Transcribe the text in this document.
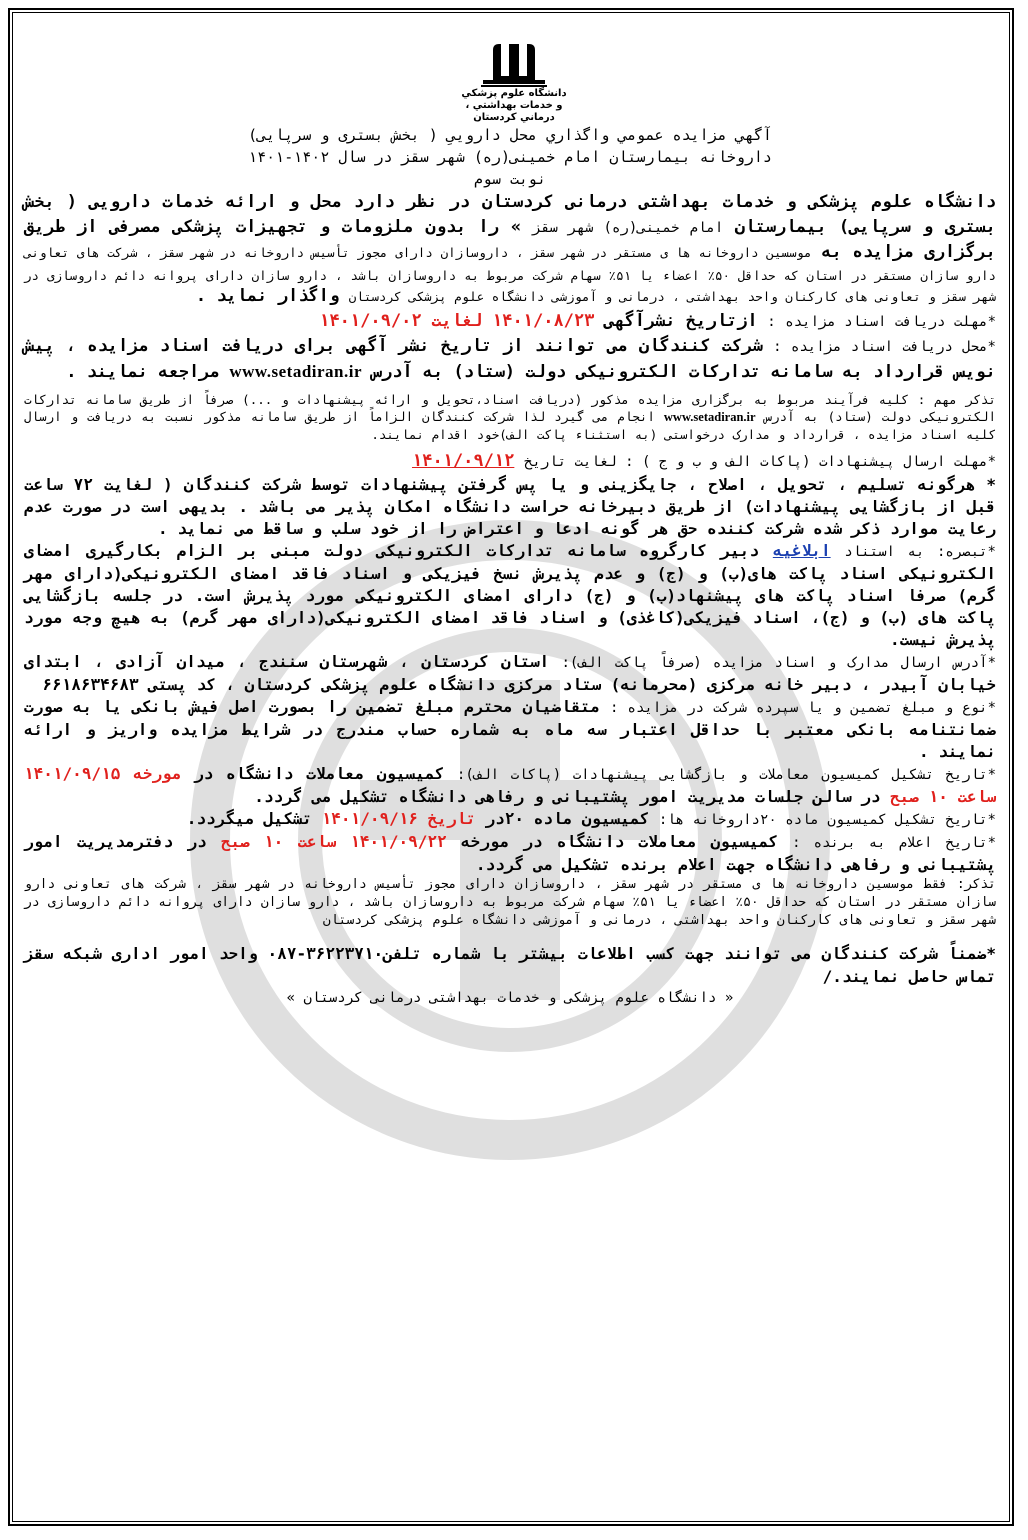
دانشگاه علوم پزشکي
و خدمات بهداشتي ،
درماني کردستان

آگهي مزايده عمومي واگذاري محل داروییِ ( بخش بستری و سرپایی)

داروخانه بیمارستان امام خمینی(ره) شهر سقز در سال ۱۴۰۲-۱۴۰۱

نوبت سوم

دانشگاه علوم پزشکی و خدمات بهداشتی درمانی کردستان در نظر دارد محل و ارائه خدمات دارویی ( بخش بستری و سرپایی) بیمارستان امام خمینی(ره) شهر سقز » را بدون ملزومات و تجهیزات پزشکی مصرفی از طریق برگزاری مزایده به موسسین داروخانه ها ی مستقر در شهر سقز ، داروسازان دارای مجوز تأسیس داروخانه در شهر سقز ، شرکت های تعاونی دارو سازان مستقر در استان که حداقل ۵۰٪ اعضاء یا ۵۱٪ سهام شرکت مربوط به داروسازان باشد ، دارو سازان دارای پروانه دائم داروسازی در شهر سقز و تعاونی های کارکنان واحد بهداشتی ، درمانی و آموزشی دانشگاه علوم پزشکی کردستان واگذار نماید .

*مهلت دریافت اسناد مزایده : ازتاریخ نشرآگهی ۱۴۰۱/۰۸/۲۳ لغایت ۱۴۰۱/۰۹/۰۲

*محل دریافت اسناد مزایده : شرکت کنندگان می توانند از تاریخ نشر آگهی برای دریافت اسناد مزایده ، پیش نویس قرارداد به سامانه تدارکات الکترونیکی دولت (ستاد) به آدرس www.setadiran.ir مراجعه نمایند .

تذکر مهم : کلیه فرآیند مربوط به برگزاری مزایده مذکور (دریافت اسناد،تحویل و ارائه پیشنهادات و ...) صرفاً از طریق سامانه تدارکات الکترونیکی دولت (ستاد) به آدرس www.setadiran.ir انجام می گیرد لذا شرکت کنندگان الزاماً از طریق سامانه مذکور نسبت به دریافت و ارسال کلیه اسناد مزایده ، قرارداد و مدارک درخواستی (به استثناء پاکت الف)خود اقدام نمایند.

*مهلت ارسال پیشنهادات (پاکات الف و ب و ج ) : لغایت تاریخ ۱۴۰۱/۰۹/۱۲

* هرگونه تسلیم ، تحویل ، اصلاح ، جایگزینی و یا پس گرفتن پیشنهادات توسط شرکت کنندگان ( لغایت ۷۲ ساعت قبل از بازگشایی پیشنهادات) از طریق دبیرخانه حراست دانشگاه امکان پذیر می باشد . بدیهی است در صورت عدم رعایت موارد ذکر شده شرکت کننده حق هر گونه ادعا و اعتراض را از خود سلب و ساقط می نماید .

*تبصره: به استناد ابلاغیه دبیر کارگروه سامانه تدارکات الکترونیکی دولت مبنی بر الزام بکارگیری امضای الکترونیکی اسناد پاکت های(ب) و (ج) و عدم پذیرش نسخ فیزیکی و اسناد فاقد امضای الکترونیکی(دارای مهر گرم) صرفا اسناد پاکت های پیشنهاد(ب) و (ج) دارای امضای الکترونیکی مورد پذیرش است. در جلسه بازگشایی پاکت های (ب) و (ج)، اسناد فیزیکی(کاغذی) و اسناد فاقد امضای الکترونیکی(دارای مهر گرم) به هیچ وجه مورد پذیرش نیست.

*آدرس ارسال مدارک و اسناد مزایده (صرفاً پاکت الف): استان کردستان ، شهرستان سنندج ، میدان آزادی ، ابتدای خیابان آبیدر ، دبیر خانه مرکزی (محرمانه) ستاد مرکزی دانشگاه علوم پزشکی کردستان ، کد پستی ۶۶۱۸۶۳۴۶۸۳

*نوع و مبلغ تضمین و یا سپرده شرکت در مزایده : متقاضیان محترم مبلغ تضمین را بصورت اصل فیش بانکی یا به صورت ضمانتنامه بانکی معتبر با حداقل اعتبار سه ماه به شماره حساب مندرج در شرایط مزایده واریز و ارائه نمایند .

*تاریخ تشکیل کمیسیون معاملات و بازگشایی پیشنهادات (پاکات الف): کمیسیون معاملات دانشگاه در مورخه ۱۴۰۱/۰۹/۱۵ ساعت ۱۰ صبح در سالن جلسات مدیریت امور پشتیبانی و رفاهی دانشگاه تشکیل می گردد.

*تاریخ تشکیل کمیسیون ماده ۲۰داروخانه ها: کمیسیون ماده ۲۰در تاریخ ۱۴۰۱/۰۹/۱۶ تشکیل میگردد.

*تاریخ اعلام به برنده : کمیسیون معاملات دانشگاه در مورخه ۱۴۰۱/۰۹/۲۲ ساعت ۱۰ صبح در دفترمدیریت امور پشتیبانی و رفاهی دانشگاه جهت اعلام برنده تشکیل می گردد.

تذکر: فقط موسسین داروخانه ها ی مستقر در شهر سقز ، داروسازان دارای مجوز تأسیس داروخانه در شهر سقز ، شرکت های تعاونی دارو سازان مستقر در استان که حداقل ۵۰٪ اعضاء یا ۵۱٪ سهام شرکت مربوط به داروسازان باشد ، دارو سازان دارای پروانه دائم داروسازی در شهر سقز و تعاونی های کارکنان واحد بهداشتی ، درمانی و آموزشی دانشگاه علوم پزشکی کردستان

*ضمناً شرکت کنندگان می توانند جهت کسب اطلاعات بیشتر با شماره تلفن۳۶۲۲۳۷۱۰-۰۸۷ واحد امور اداری شبکه سقز تماس حاصل نمایند./

« دانشگاه علوم پزشکی و خدمات بهداشتی درمانی کردستان »
